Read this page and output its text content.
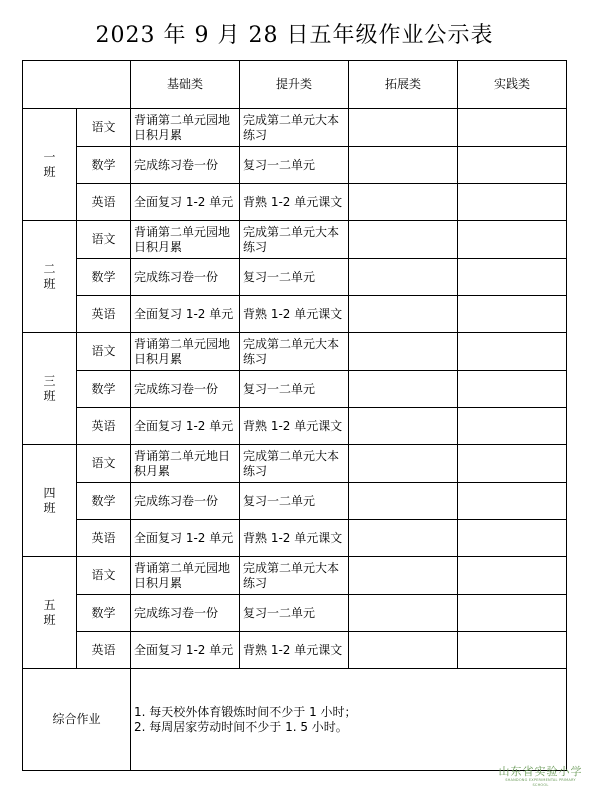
2023 年 9 月 28 日五年级作业公示表
		基础类	提升类	拓展类	实践类
一
班	语文	背诵第二单元园地日积月累	完成第二单元大本练习		
	数学	完成练习卷一份	复习一二单元		
	英语	全面复习 1-2 单元	背熟 1-2 单元课文		
二
班	语文	背诵第二单元园地日积月累	完成第二单元大本练习		
	数学	完成练习卷一份	复习一二单元		
	英语	全面复习 1-2 单元	背熟 1-2 单元课文		
三
班	语文	背诵第二单元园地日积月累	完成第二单元大本练习		
	数学	完成练习卷一份	复习一二单元		
	英语	全面复习 1-2 单元	背熟 1-2 单元课文		
四
班	语文	背诵第二单元地日积月累	完成第二单元大本练习		
	数学	完成练习卷一份	复习一二单元		
	英语	全面复习 1-2 单元	背熟 1-2 单元课文		
五
班	语文	背诵第二单元园地日积月累	完成第二单元大本练习		
	数学	完成练习卷一份	复习一二单元		
	英语	全面复习 1-2 单元	背熟 1-2 单元课文		
综合作业		1. 每天校外体育锻炼时间不少于 1 小时；
2. 每周居家劳动时间不少于 1. 5 小时。			
山东省实验小学
SHANDONG EXPERIMENTAL PRIMARY SCHOOL
